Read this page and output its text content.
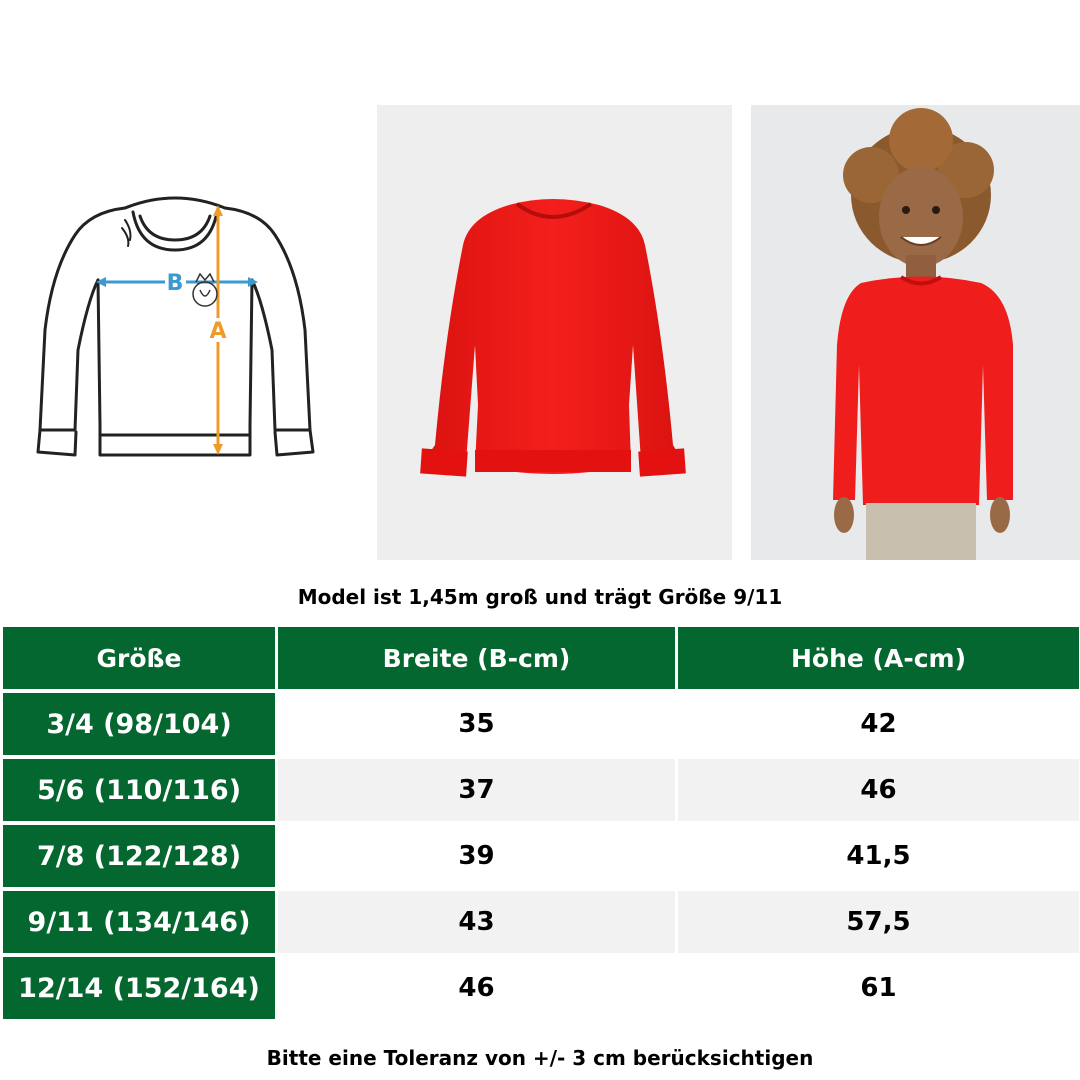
B
A
Model ist 1,45m groß und trägt Größe 9/11
Größe	Breite (B-cm)	Höhe (A-cm)
3/4 (98/104)	35	42
5/6 (110/116)	37	46
7/8 (122/128)	39	41,5
9/11 (134/146)	43	57,5
12/14 (152/164)	46	61
Bitte eine Toleranz von +/- 3 cm berücksichtigen
